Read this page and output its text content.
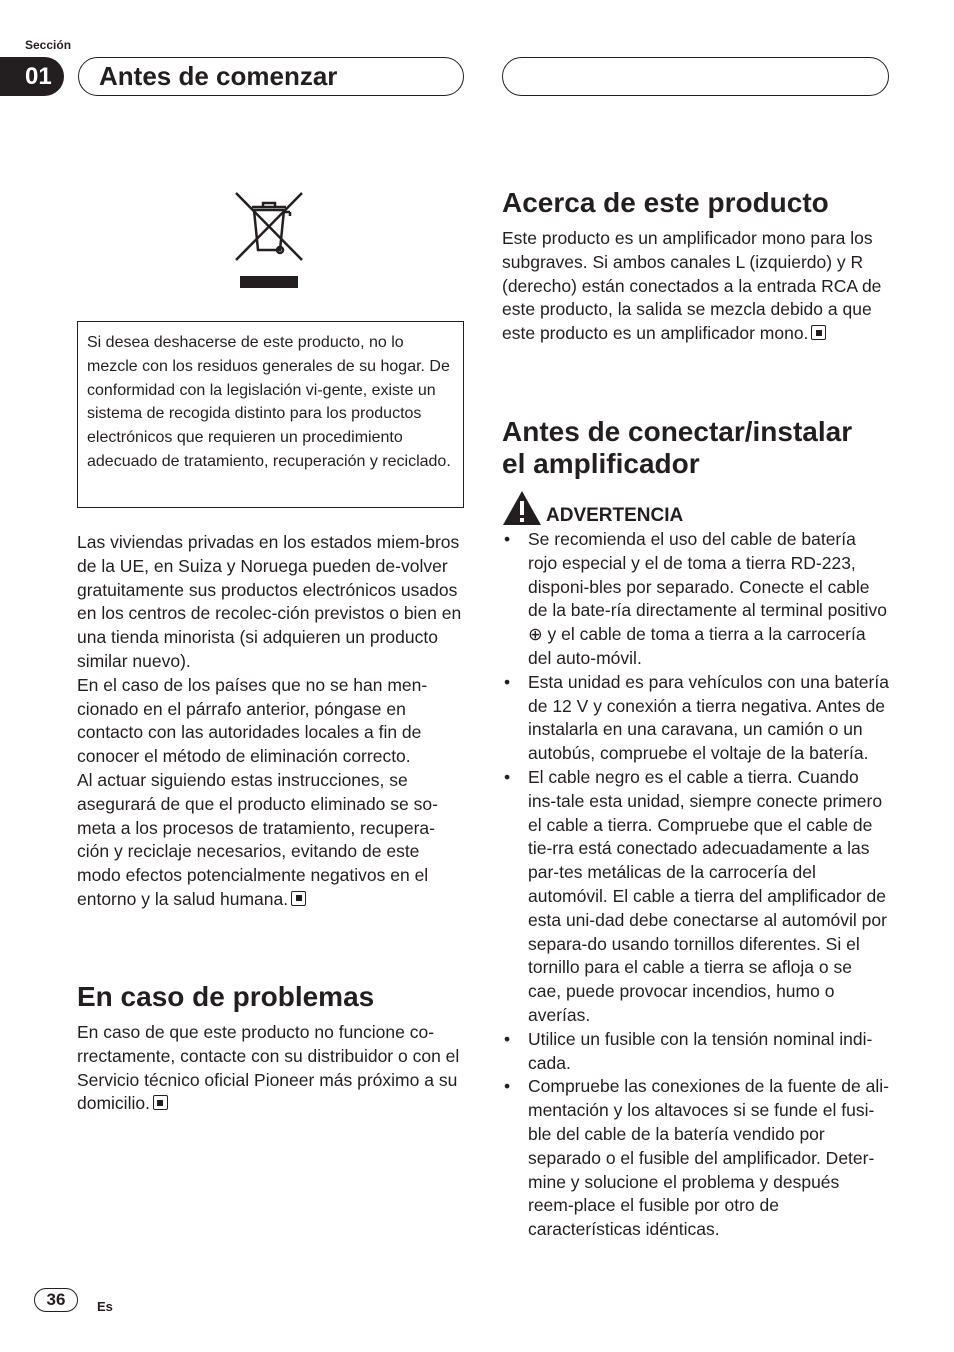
Sección
01	Antes de comenzar
Si desea deshacerse de este producto, no lo mezcle con los residuos generales de su hogar. De conformidad con la legislación vi-gente, existe un sistema de recogida distinto para los productos electrónicos que requieren un procedimiento adecuado de tratamiento, recuperación y reciclado.
Las viviendas privadas en los estados miem-bros de la UE, en Suiza y Noruega pueden de-volver gratuitamente sus productos electrónicos usados en los centros de recolec-ción previstos o bien en una tienda minorista (si adquieren un producto similar nuevo).
En el caso de los países que no se han men-cionado en el párrafo anterior, póngase en contacto con las autoridades locales a fin de conocer el método de eliminación correcto.
Al actuar siguiendo estas instrucciones, se asegurará de que el producto eliminado se so-meta a los procesos de tratamiento, recupera-ción y reciclaje necesarios, evitando de este modo efectos potencialmente negativos en el entorno y la salud humana.
En caso de problemas
En caso de que este producto no funcione co-rrectamente, contacte con su distribuidor o con el Servicio técnico oficial Pioneer más próximo a su domicilio.
Acerca de este producto
Este producto es un amplificador mono para los subgraves. Si ambos canales L (izquierdo) y R (derecho) están conectados a la entrada RCA de este producto, la salida se mezcla debido a que este producto es un amplificador mono.
Antes de conectar/instalar
el amplificador
ADVERTENCIA
• Se recomienda el uso del cable de batería rojo especial y el de toma a tierra RD-223, disponi-bles por separado. Conecte el cable de la bate-ría directamente al terminal positivo ⊕ y el cable de toma a tierra a la carrocería del auto-móvil.
• Esta unidad es para vehículos con una batería de 12 V y conexión a tierra negativa. Antes de instalarla en una caravana, un camión o un autobús, compruebe el voltaje de la batería.
• El cable negro es el cable a tierra. Cuando ins-tale esta unidad, siempre conecte primero el cable a tierra. Compruebe que el cable de tie-rra está conectado adecuadamente a las par-tes metálicas de la carrocería del automóvil. El cable a tierra del amplificador de esta uni-dad debe conectarse al automóvil por separa-do usando tornillos diferentes. Si el tornillo para el cable a tierra se afloja o se cae, puede provocar incendios, humo o averías.
• Utilice un fusible con la tensión nominal indi-cada.
• Compruebe las conexiones de la fuente de ali-mentación y los altavoces si se funde el fusi-ble del cable de la batería vendido por separado o el fusible del amplificador. Deter-mine y solucione el problema y después reem-place el fusible por otro de características idénticas.
36	Es
